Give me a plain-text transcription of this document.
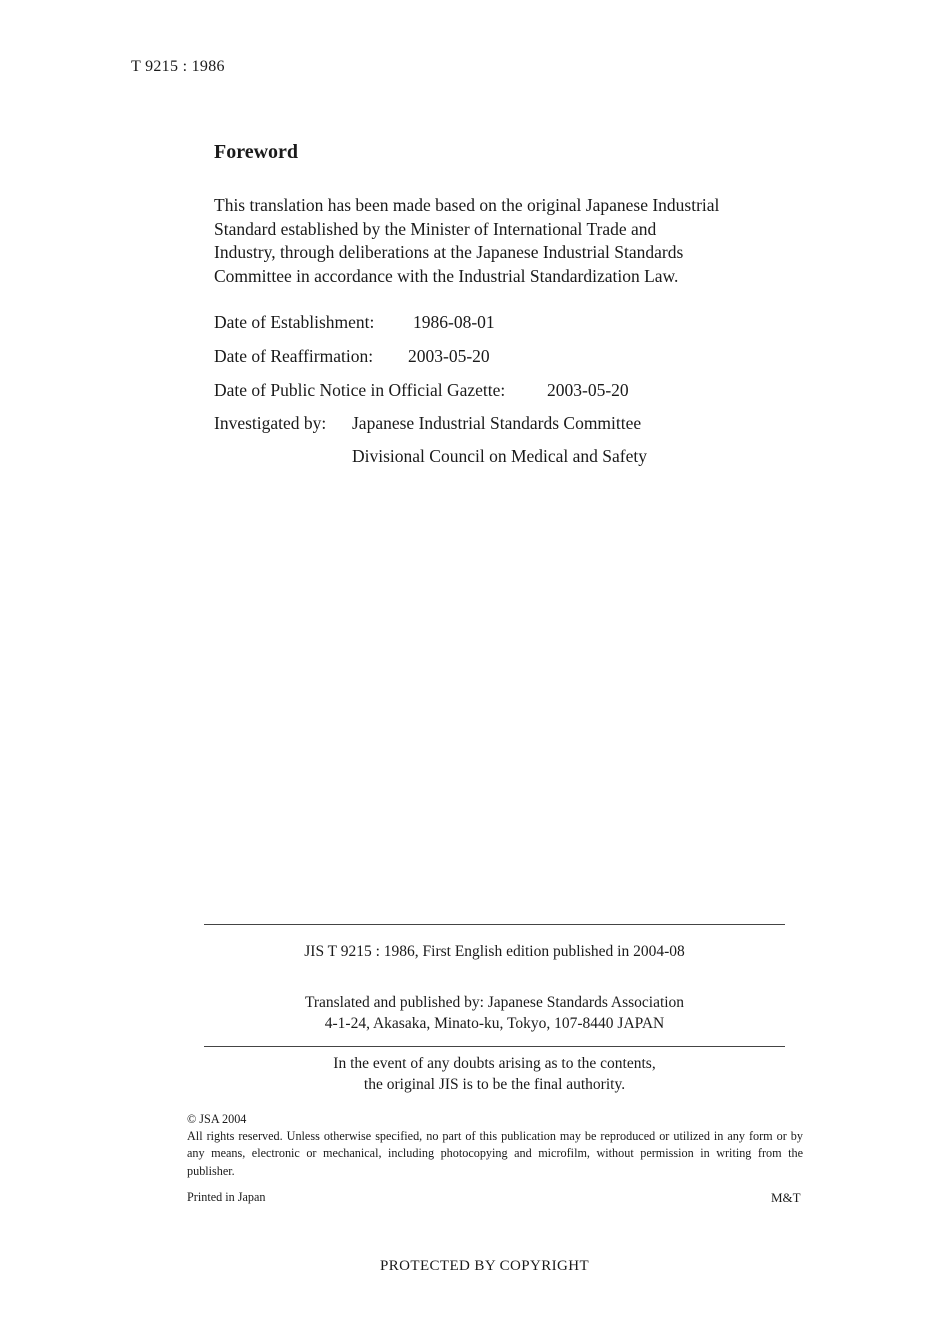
T 9215 : 1986
Foreword
This translation has been made based on the original Japanese Industrial
Standard established by the Minister of International Trade and
Industry, through deliberations at the Japanese Industrial Standards
Committee in accordance with the Industrial Standardization Law.
Date of Establishment: 1986-08-01
Date of Reaffirmation: 2003-05-20
Date of Public Notice in Official Gazette: 2003-05-20
Investigated by: Japanese Industrial Standards Committee
Divisional Council on Medical and Safety
JIS T 9215 : 1986, First English edition published in 2004-08
Translated and published by: Japanese Standards Association
4-1-24, Akasaka, Minato-ku, Tokyo, 107-8440 JAPAN
In the event of any doubts arising as to the contents,
the original JIS is to be the final authority.
© JSA 2004
All rights reserved. Unless otherwise specified, no part of this publication may be reproduced or utilized in any form or by any means, electronic or mechanical, including photocopying and microfilm, without permission in writing from the publisher.
Printed in Japan	M&T
PROTECTED BY COPYRIGHT
